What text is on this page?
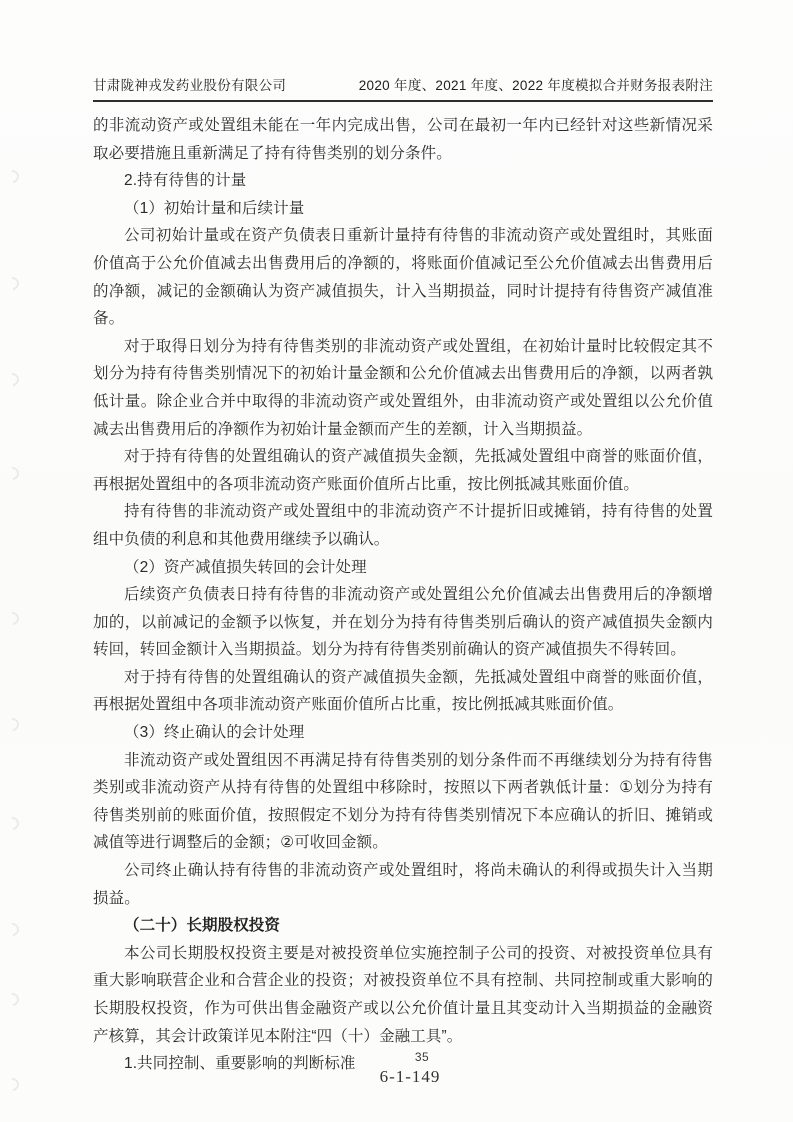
甘肃陇神戎发药业股份有限公司	2020 年度、2021 年度、2022 年度模拟合并财务报表附注

的非流动资产或处置组未能在一年内完成出售，公司在最初一年内已经针对这些新情况采取必要措施且重新满足了持有待售类别的划分条件。

2.持有待售的计量

（1）初始计量和后续计量

公司初始计量或在资产负债表日重新计量持有待售的非流动资产或处置组时，其账面价值高于公允价值减去出售费用后的净额的，将账面价值减记至公允价值减去出售费用后的净额，减记的金额确认为资产减值损失，计入当期损益，同时计提持有待售资产减值准备。

对于取得日划分为持有待售类别的非流动资产或处置组，在初始计量时比较假定其不划分为持有待售类别情况下的初始计量金额和公允价值减去出售费用后的净额，以两者孰低计量。除企业合并中取得的非流动资产或处置组外，由非流动资产或处置组以公允价值减去出售费用后的净额作为初始计量金额而产生的差额，计入当期损益。

对于持有待售的处置组确认的资产减值损失金额，先抵减处置组中商誉的账面价值，再根据处置组中的各项非流动资产账面价值所占比重，按比例抵减其账面价值。

持有待售的非流动资产或处置组中的非流动资产不计提折旧或摊销，持有待售的处置组中负债的利息和其他费用继续予以确认。

（2）资产减值损失转回的会计处理

后续资产负债表日持有待售的非流动资产或处置组公允价值减去出售费用后的净额增加的，以前减记的金额予以恢复，并在划分为持有待售类别后确认的资产减值损失金额内转回，转回金额计入当期损益。划分为持有待售类别前确认的资产减值损失不得转回。

对于持有待售的处置组确认的资产减值损失金额，先抵减处置组中商誉的账面价值，再根据处置组中各项非流动资产账面价值所占比重，按比例抵减其账面价值。

（3）终止确认的会计处理

非流动资产或处置组因不再满足持有待售类别的划分条件而不再继续划分为持有待售类别或非流动资产从持有待售的处置组中移除时，按照以下两者孰低计量：①划分为持有待售类别前的账面价值，按照假定不划分为持有待售类别情况下本应确认的折旧、摊销或减值等进行调整后的金额；②可收回金额。

公司终止确认持有待售的非流动资产或处置组时，将尚未确认的利得或损失计入当期损益。

（二十）长期股权投资

本公司长期股权投资主要是对被投资单位实施控制子公司的投资、对被投资单位具有重大影响联营企业和合营企业的投资；对被投资单位不具有控制、共同控制或重大影响的长期股权投资，作为可供出售金融资产或以公允价值计量且其变动计入当期损益的金融资产核算，其会计政策详见本附注“四（十）金融工具”。

1.共同控制、重要影响的判断标准	35
6-1-149
